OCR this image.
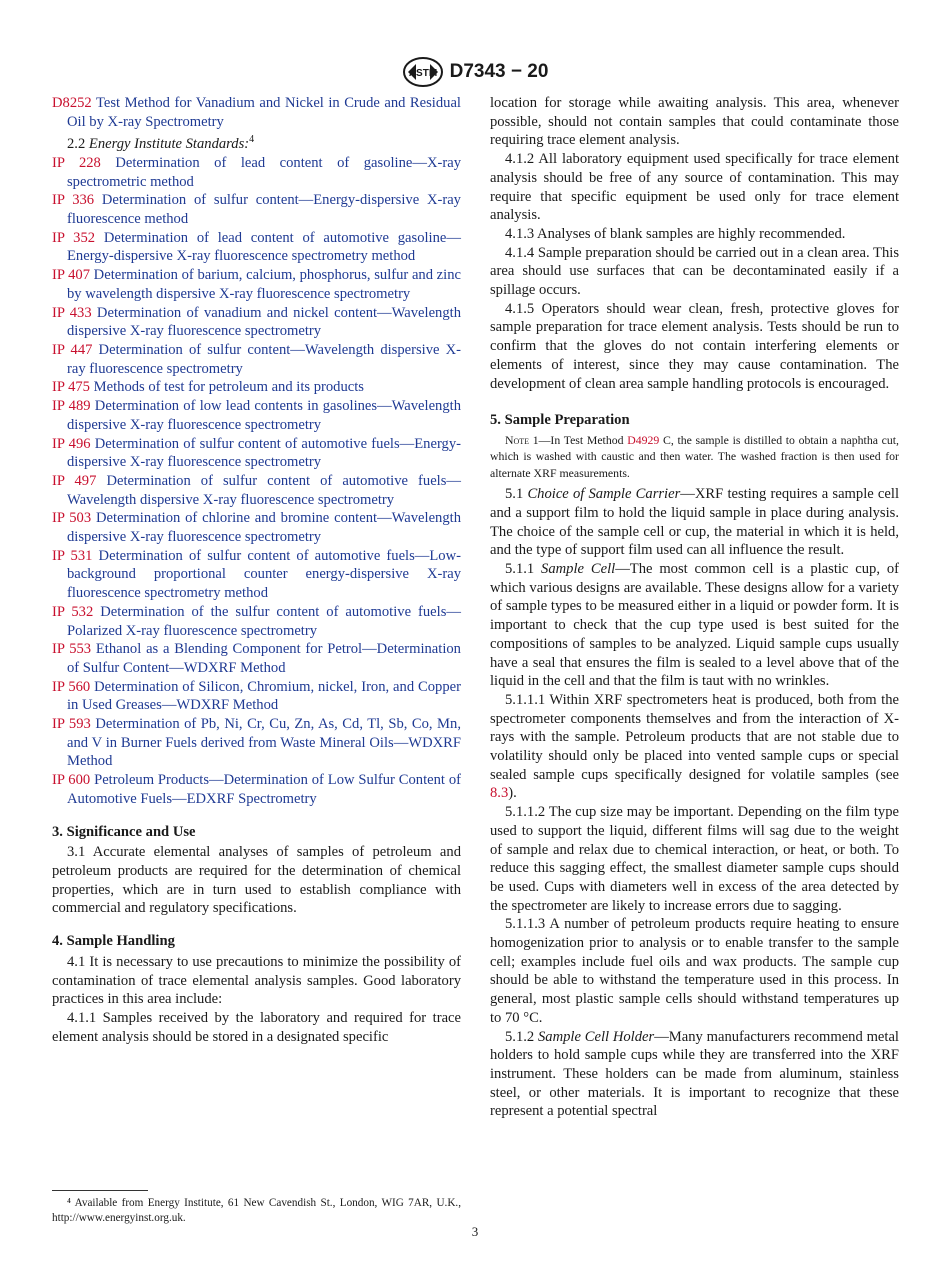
ASTM D7343 − 20
D8252 Test Method for Vanadium and Nickel in Crude and Residual Oil by X-ray Spectrometry
2.2 Energy Institute Standards:$^4$
IP 228 Determination of lead content of gasoline—X-ray spectrometric method
IP 336 Determination of sulfur content—Energy-dispersive X-ray fluorescence method
IP 352 Determination of lead content of automotive gasoline—Energy-dispersive X-ray fluorescence spectrometry method
IP 407 Determination of barium, calcium, phosphorus, sulfur and zinc by wavelength dispersive X-ray fluorescence spectrometry
IP 433 Determination of vanadium and nickel content—Wavelength dispersive X-ray fluorescence spectrometry
IP 447 Determination of sulfur content—Wavelength dispersive X-ray fluorescence spectrometry
IP 475 Methods of test for petroleum and its products
IP 489 Determination of low lead contents in gasolines—Wavelength dispersive X-ray fluorescence spectrometry
IP 496 Determination of sulfur content of automotive fuels—Energy-dispersive X-ray fluorescence spectrometry
IP 497 Determination of sulfur content of automotive fuels—Wavelength dispersive X-ray fluorescence spectrometry
IP 503 Determination of chlorine and bromine content—Wavelength dispersive X-ray fluorescence spectrometry
IP 531 Determination of sulfur content of automotive fuels—Low-background proportional counter energy-dispersive X-ray fluorescence spectrometry method
IP 532 Determination of the sulfur content of automotive fuels—Polarized X-ray fluorescence spectrometry
IP 553 Ethanol as a Blending Component for Petrol—Determination of Sulfur Content—WDXRF Method
IP 560 Determination of Silicon, Chromium, nickel, Iron, and Copper in Used Greases—WDXRF Method
IP 593 Determination of Pb, Ni, Cr, Cu, Zn, As, Cd, Tl, Sb, Co, Mn, and V in Burner Fuels derived from Waste Mineral Oils—WDXRF Method
IP 600 Petroleum Products—Determination of Low Sulfur Content of Automotive Fuels—EDXRF Spectrometry
3. Significance and Use

3.1 Accurate elemental analyses of samples of petroleum and petroleum products are required for the determination of chemical properties, which are in turn used to establish compliance with commercial and regulatory specifications.

4. Sample Handling

4.1 It is necessary to use precautions to minimize the possibility of contamination of trace elemental analysis samples. Good laboratory practices in this area include:

4.1.1 Samples received by the laboratory and required for trace element analysis should be stored in a designated specific

⁴ Available from Energy Institute, 61 New Cavendish St., London, WIG 7AR, U.K., http://www.energyinst.org.uk.

location for storage while awaiting analysis. This area, whenever possible, should not contain samples that could contaminate those requiring trace element analysis.

4.1.2 All laboratory equipment used specifically for trace element analysis should be free of any source of contamination. This may require that specific equipment be used only for trace element analysis.

4.1.3 Analyses of blank samples are highly recommended.

4.1.4 Sample preparation should be carried out in a clean area. This area should use surfaces that can be decontaminated easily if a spillage occurs.

4.1.5 Operators should wear clean, fresh, protective gloves for sample preparation for trace element analysis. Tests should be run to confirm that the gloves do not contain interfering elements or elements of interest, since they may cause contamination. The development of clean area sample handling protocols is encouraged.

5. Sample Preparation

Note 1—In Test Method D4929 C, the sample is distilled to obtain a naphtha cut, which is washed with caustic and then water. The washed fraction is then used for alternate XRF measurements.

5.1 Choice of Sample Carrier—XRF testing requires a sample cell and a support film to hold the liquid sample in place during analysis. The choice of the sample cell or cup, the material in which it is held, and the type of support film used can all influence the result.

5.1.1 Sample Cell—The most common cell is a plastic cup, of which various designs are available. These designs allow for a variety of sample types to be measured either in a liquid or powder form. It is important to check that the cup type used is best suited for the compositions of samples to be analyzed. Liquid sample cups usually have a seal that ensures the film is sealed to a level above that of the liquid in the cell and that the film is taut with no wrinkles.

5.1.1.1 Within XRF spectrometers heat is produced, both from the spectrometer components themselves and from the interaction of X-rays with the sample. Petroleum products that are not stable due to volatility should only be placed into vented sample cups or special sealed sample cups specifically designed for volatile samples (see 8.3).

5.1.1.2 The cup size may be important. Depending on the film type used to support the liquid, different films will sag due to the weight of sample and relax due to chemical interaction, or heat, or both. To reduce this sagging effect, the smallest diameter sample cups should be used. Cups with diameters well in excess of the area detected by the spectrometer are likely to increase errors due to sagging.

5.1.1.3 A number of petroleum products require heating to ensure homogenization prior to analysis or to enable transfer to the sample cell; examples include fuel oils and wax products. The sample cup should be able to withstand the temperature used in this process. In general, most plastic sample cells should withstand temperatures up to 70 °C.

5.1.2 Sample Cell Holder—Many manufacturers recommend metal holders to hold sample cups while they are transferred into the XRF instrument. These holders can be made from aluminum, stainless steel, or other materials. It is important to recognize that these represent a potential spectral

3
